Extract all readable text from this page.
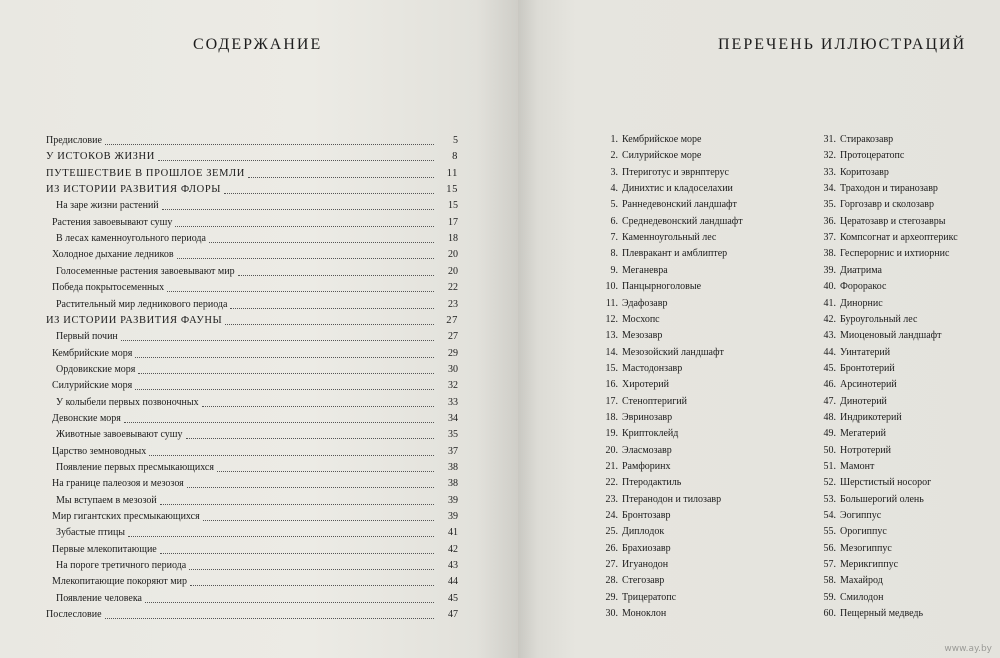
СОДЕРЖАНИЕ
Предисловие	5
У ИСТОКОВ ЖИЗНИ	8
ПУТЕШЕСТВИЕ В ПРОШЛОЕ ЗЕМЛИ	11
ИЗ ИСТОРИИ РАЗВИТИЯ ФЛОРЫ	15
На заре жизни растений	15
Растения завоевывают сушу	17
В лесах каменноугольного периода	18
Холодное дыхание ледников	20
Голосеменные растения завоевывают мир	20
Победа покрытосеменных	22
Растительный мир ледникового периода	23
ИЗ ИСТОРИИ РАЗВИТИЯ ФАУНЫ	27
Первый почин	27
Кембрийские моря	29
Ордовикские моря	30
Силурийские моря	32
У колыбели первых позвоночных	33
Девонские моря	34
Животные завоевывают сушу	35
Царство земноводных	37
Появление первых пресмыкающихся	38
На границе палеозоя и мезозоя	38
Мы вступаем в мезозой	39
Мир гигантских пресмыкающихся	39
Зубастые птицы	41
Первые млекопитающие	42
На пороге третичного периода	43
Млекопитающие покоряют мир	44
Появление человека	45
Послесловие	47
ПЕРЕЧЕНЬ ИЛЛЮСТРАЦИЙ
1. Кембрийское море
2. Силурийское море
3. Птериготус и эврнптерус
4. Динихтис и кладоселахии
5. Раннедевонский ландшафт
6. Среднедевонский ландшафт
7. Каменноугольный лес
8. Плевракант и амблиптер
9. Меганевра
10. Панцырноголовые
11. Эдафозавр
12. Мосхопс
13. Мезозавр
14. Мезозойский ландшафт
15. Мастодонзавр
16. Хиротерий
17. Стеноптеригий
18. Эвринозавр
19. Криптоклейд
20. Эласмозавр
21. Рамфоринх
22. Птеродактиль
23. Птеранодон и тилозавр
24. Бронтозавр
25. Диплодок
26. Брахиозавр
27. Игуанодон
28. Стегозавр
29. Трицератопс
30. Моноклон
31. Стиракозавр
32. Протоцератопс
33. Коритозавр
34. Траходон и тиранозавр
35. Горгозавр и сколозавр
36. Цератозавр и стегозавры
37. Компсогнат и археоптерикс
38. Гесперорнис и ихтиорнис
39. Диатрима
40. Фороракос
41. Динорнис
42. Буроугольный лес
43. Миоценовый ландшафт
44. Уинтатерий
45. Бронтотерий
46. Арсинотерий
47. Динотерий
48. Индрикотерий
49. Мегатерий
50. Нотротерий
51. Мамонт
52. Шерстистый носорог
53. Большерогий олень
54. Эогиппус
55. Орогиппус
56. Мезогиппус
57. Мерикгиппус
58. Махайрод
59. Смилодон
60. Пещерный медведь
www.ay.by
